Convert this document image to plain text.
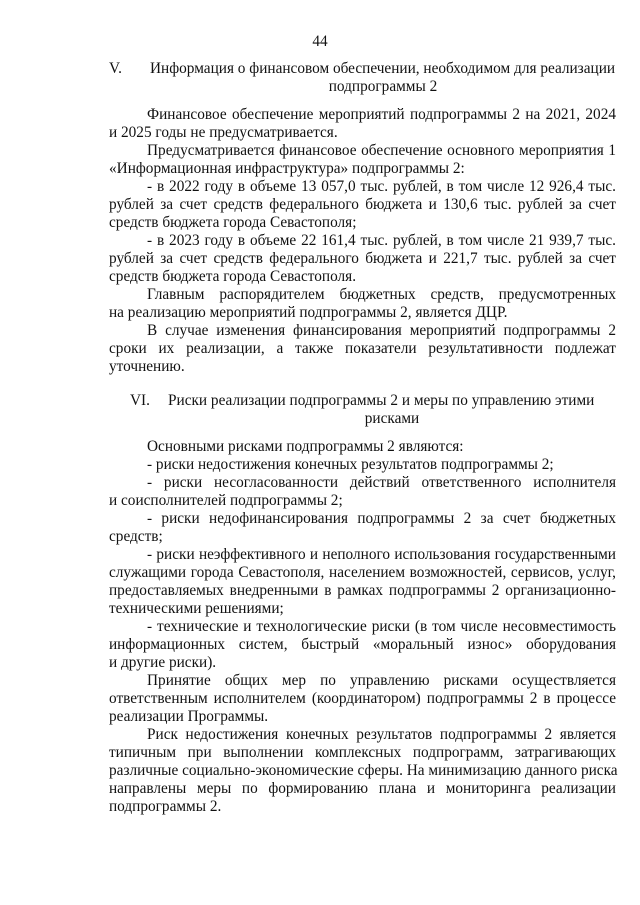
44

V.	Информация о финансовом обеспечении, необходимом для реализации

подпрограммы 2

Финансовое обеспечение мероприятий подпрограммы 2 на 2021, 2024

и 2025 годы не предусматривается.

Предусматривается финансовое обеспечение основного мероприятия 1

«Информационная инфраструктура» подпрограммы 2:

- в 2022 году в объеме 13 057,0 тыс. рублей, в том числе 12 926,4 тыс.

рублей за счет средств федерального бюджета и 130,6 тыс. рублей за счет

средств бюджета города Севастополя;

- в 2023 году в объеме 22 161,4 тыс. рублей, в том числе 21 939,7 тыс.

рублей за счет средств федерального бюджета и 221,7 тыс. рублей за счет

средств бюджета города Севастополя.

Главным распорядителем бюджетных средств, предусмотренных

на реализацию мероприятий подпрограммы 2, является ДЦР.

В случае изменения финансирования мероприятий подпрограммы 2

сроки их реализации, а также показатели результативности подлежат

уточнению.

VI.	Риски реализации подпрограммы 2 и меры по управлению этими

рисками

Основными рисками подпрограммы 2 являются:

- риски недостижения конечных результатов подпрограммы 2;

- риски несогласованности действий ответственного исполнителя

и соисполнителей подпрограммы 2;

- риски недофинансирования подпрограммы 2 за счет бюджетных

средств;

- риски неэффективного и неполного использования государственными

служащими города Севастополя, населением возможностей, сервисов, услуг,

предоставляемых внедренными в рамках подпрограммы 2 организационно-

техническими решениями;

- технические и технологические риски (в том числе несовместимость

информационных систем, быстрый «моральный износ» оборудования

и другие риски).

Принятие общих мер по управлению рисками осуществляется

ответственным исполнителем (координатором) подпрограммы 2 в процессе

реализации Программы.

Риск недостижения конечных результатов подпрограммы 2 является

типичным при выполнении комплексных подпрограмм, затрагивающих

различные социально-экономические сферы. На минимизацию данного риска

направлены меры по формированию плана и мониторинга реализации

подпрограммы 2.
